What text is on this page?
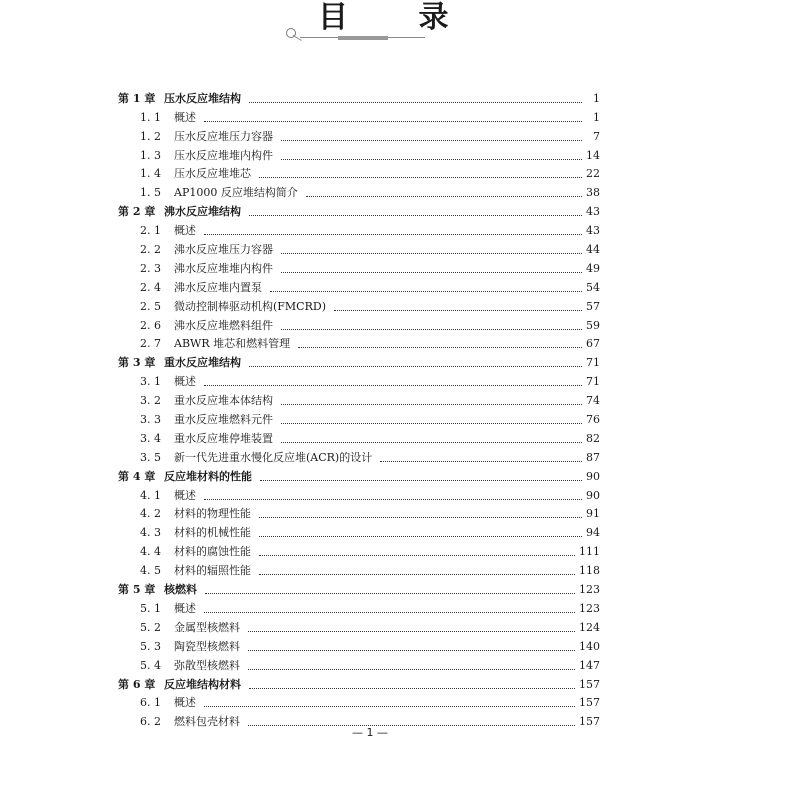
目 录
第 1 章 压水反应堆结构	1
1. 1	概述	1
1. 2	压水反应堆压力容器	7
1. 3	压水反应堆堆内构件	14
1. 4	压水反应堆堆芯	22
1. 5	AP1000 反应堆结构简介	38
第 2 章 沸水反应堆结构	43
2. 1	概述	43
2. 2	沸水反应堆压力容器	44
2. 3	沸水反应堆堆内构件	49
2. 4	沸水反应堆内置泵	54
2. 5	微动控制棒驱动机构(FMCRD)	57
2. 6	沸水反应堆燃料组件	59
2. 7	ABWR 堆芯和燃料管理	67
第 3 章 重水反应堆结构	71
3. 1	概述	71
3. 2	重水反应堆本体结构	74
3. 3	重水反应堆燃料元件	76
3. 4	重水反应堆停堆装置	82
3. 5	新一代先进重水慢化反应堆(ACR)的设计	87
第 4 章 反应堆材料的性能	90
4. 1	概述	90
4. 2	材料的物理性能	91
4. 3	材料的机械性能	94
4. 4	材料的腐蚀性能	111
4. 5	材料的辐照性能	118
第 5 章 核燃料	123
5. 1	概述	123
5. 2	金属型核燃料	124
5. 3	陶瓷型核燃料	140
5. 4	弥散型核燃料	147
第 6 章 反应堆结构材料	157
6. 1	概述	157
6. 2	燃料包壳材料	157
— 1 —
